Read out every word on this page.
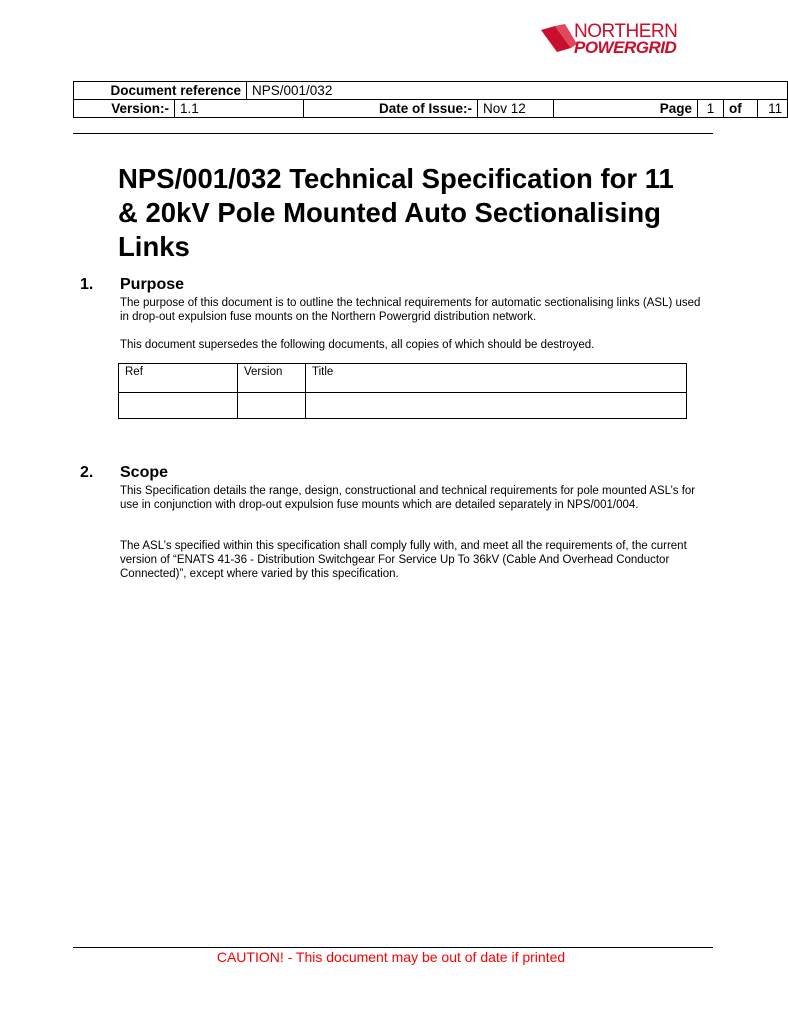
NORTHERN
POWERGRID
Document reference		NPS/001/032						
Version:-	1.1		Date of Issue:-	Nov 12	Page	1	of	11
NPS/001/032 Technical Specification for 11 & 20kV Pole Mounted Auto Sectionalising Links
1. Purpose

The purpose of this document is to outline the technical requirements for automatic sectionalising links (ASL) used in drop-out expulsion fuse mounts on the Northern Powergrid distribution network.

This document supersedes the following documents, all copies of which should be destroyed.

Ref	Version	Title

2. Scope

This Specification details the range, design, constructional and technical requirements for pole mounted ASL’s for use in conjunction with drop-out expulsion fuse mounts which are detailed separately in NPS/001/004.

The ASL’s specified within this specification shall comply fully with, and meet all the requirements of, the current version of “ENATS 41-36 - Distribution Switchgear For Service Up To 36kV (Cable And Overhead Conductor Connected)”, except where varied by this specification.

CAUTION! - This document may be out of date if printed
